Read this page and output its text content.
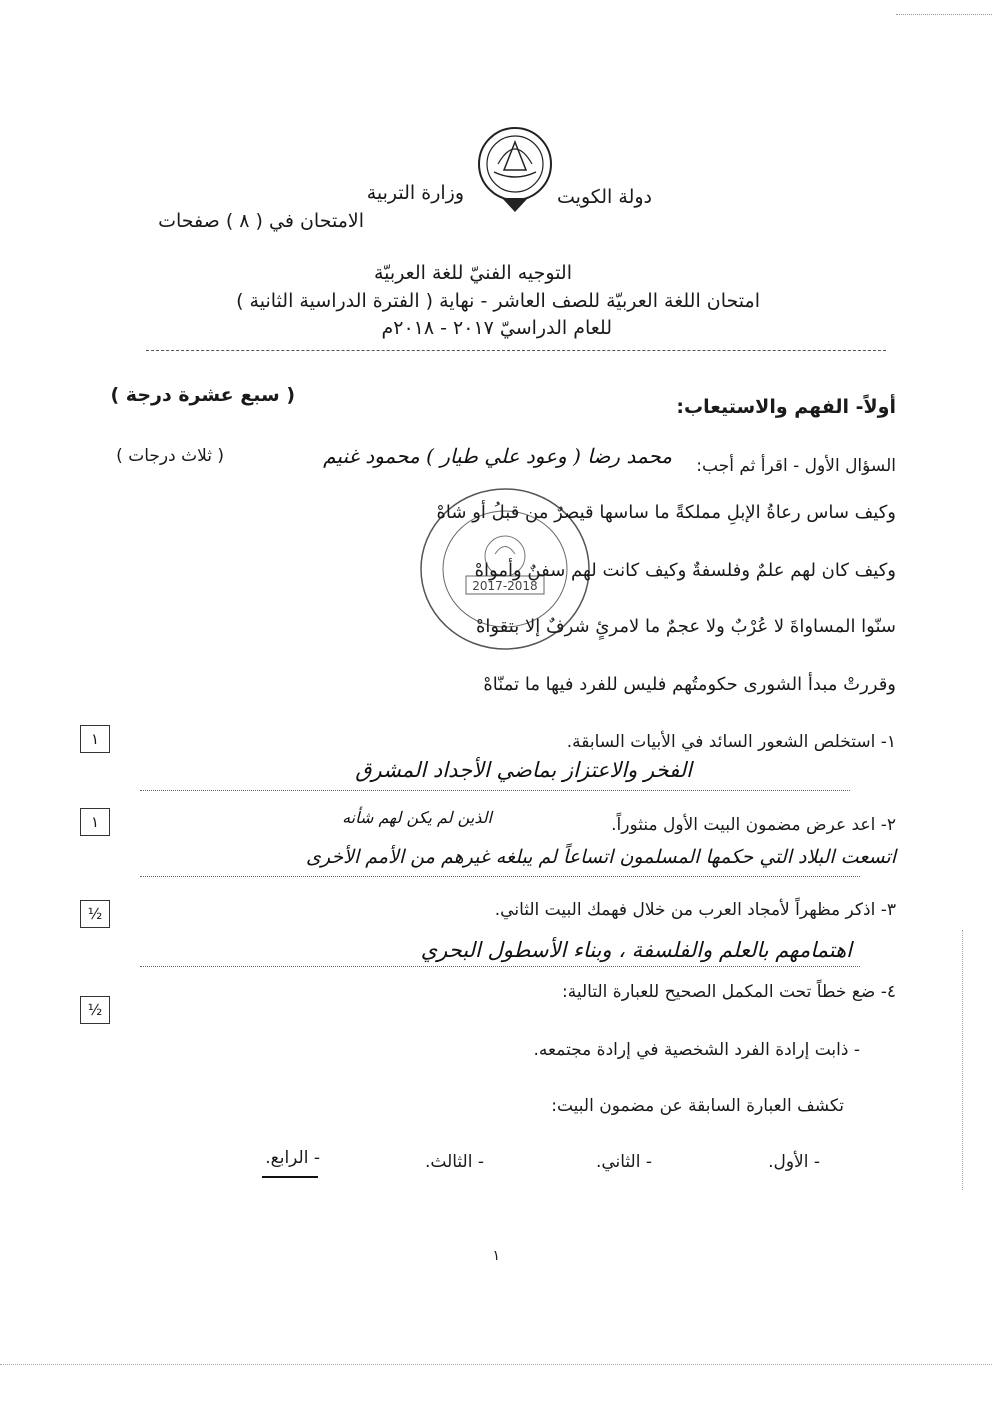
دولة الكويت
وزارة التربية
الامتحان في ( ٨ ) صفحات
التوجيه الفنيّ للغة العربيّة
امتحان اللغة العربيّة للصف العاشر - نهاية ( الفترة الدراسية الثانية )
للعام الدراسيّ ٢٠١٧ - ٢٠١٨م
أولاً- الفهم والاستيعاب:
( سبع عشرة درجة )
السؤال الأول - اقرأ ثم أجب:
محمد رضا ( وعود علي طيار ) محمود غنيم
( ثلاث درجات )
2017-2018
وكيف ساس رعاةُ الإبلِ مملكةً ما ساسها قيصرٌ من قبلُ أو شاهْ
وكيف كان لهم علمٌ وفلسفةٌ وكيف كانت لهم سفنٌ وأمواهْ
سنّوا المساواةَ لا عُرْبٌ ولا عجمٌ ما لامرئٍ شرفٌ إلا بتقواهْ
وقررتْ مبدأ الشورى حكومتُهم فليس للفرد فيها ما تمنّاهْ
١- استخلص الشعور السائد في الأبيات السابقة.
١
الفخر والاعتزاز بماضي الأجداد المشرق
٢- اعد عرض مضمون البيت الأول منثوراً.
الذين لم يكن لهم شأنه
١
اتسعت البلاد التي حكمها المسلمون اتساعاً لم يبلغه غيرهم من الأمم الأخرى
٣- اذكر مظهراً لأمجاد العرب من خلال فهمك البيت الثاني.
½
اهتمامهم بالعلم والفلسفة ، وبناء الأسطول البحري
٤- ضع خطاً تحت المكمل الصحيح للعبارة التالية:
½
- ذابت إرادة الفرد الشخصية في إرادة مجتمعه.
تكشف العبارة السابقة عن مضمون البيت:
- الأول.
- الثاني.
- الثالث.
- الرابع.
١
